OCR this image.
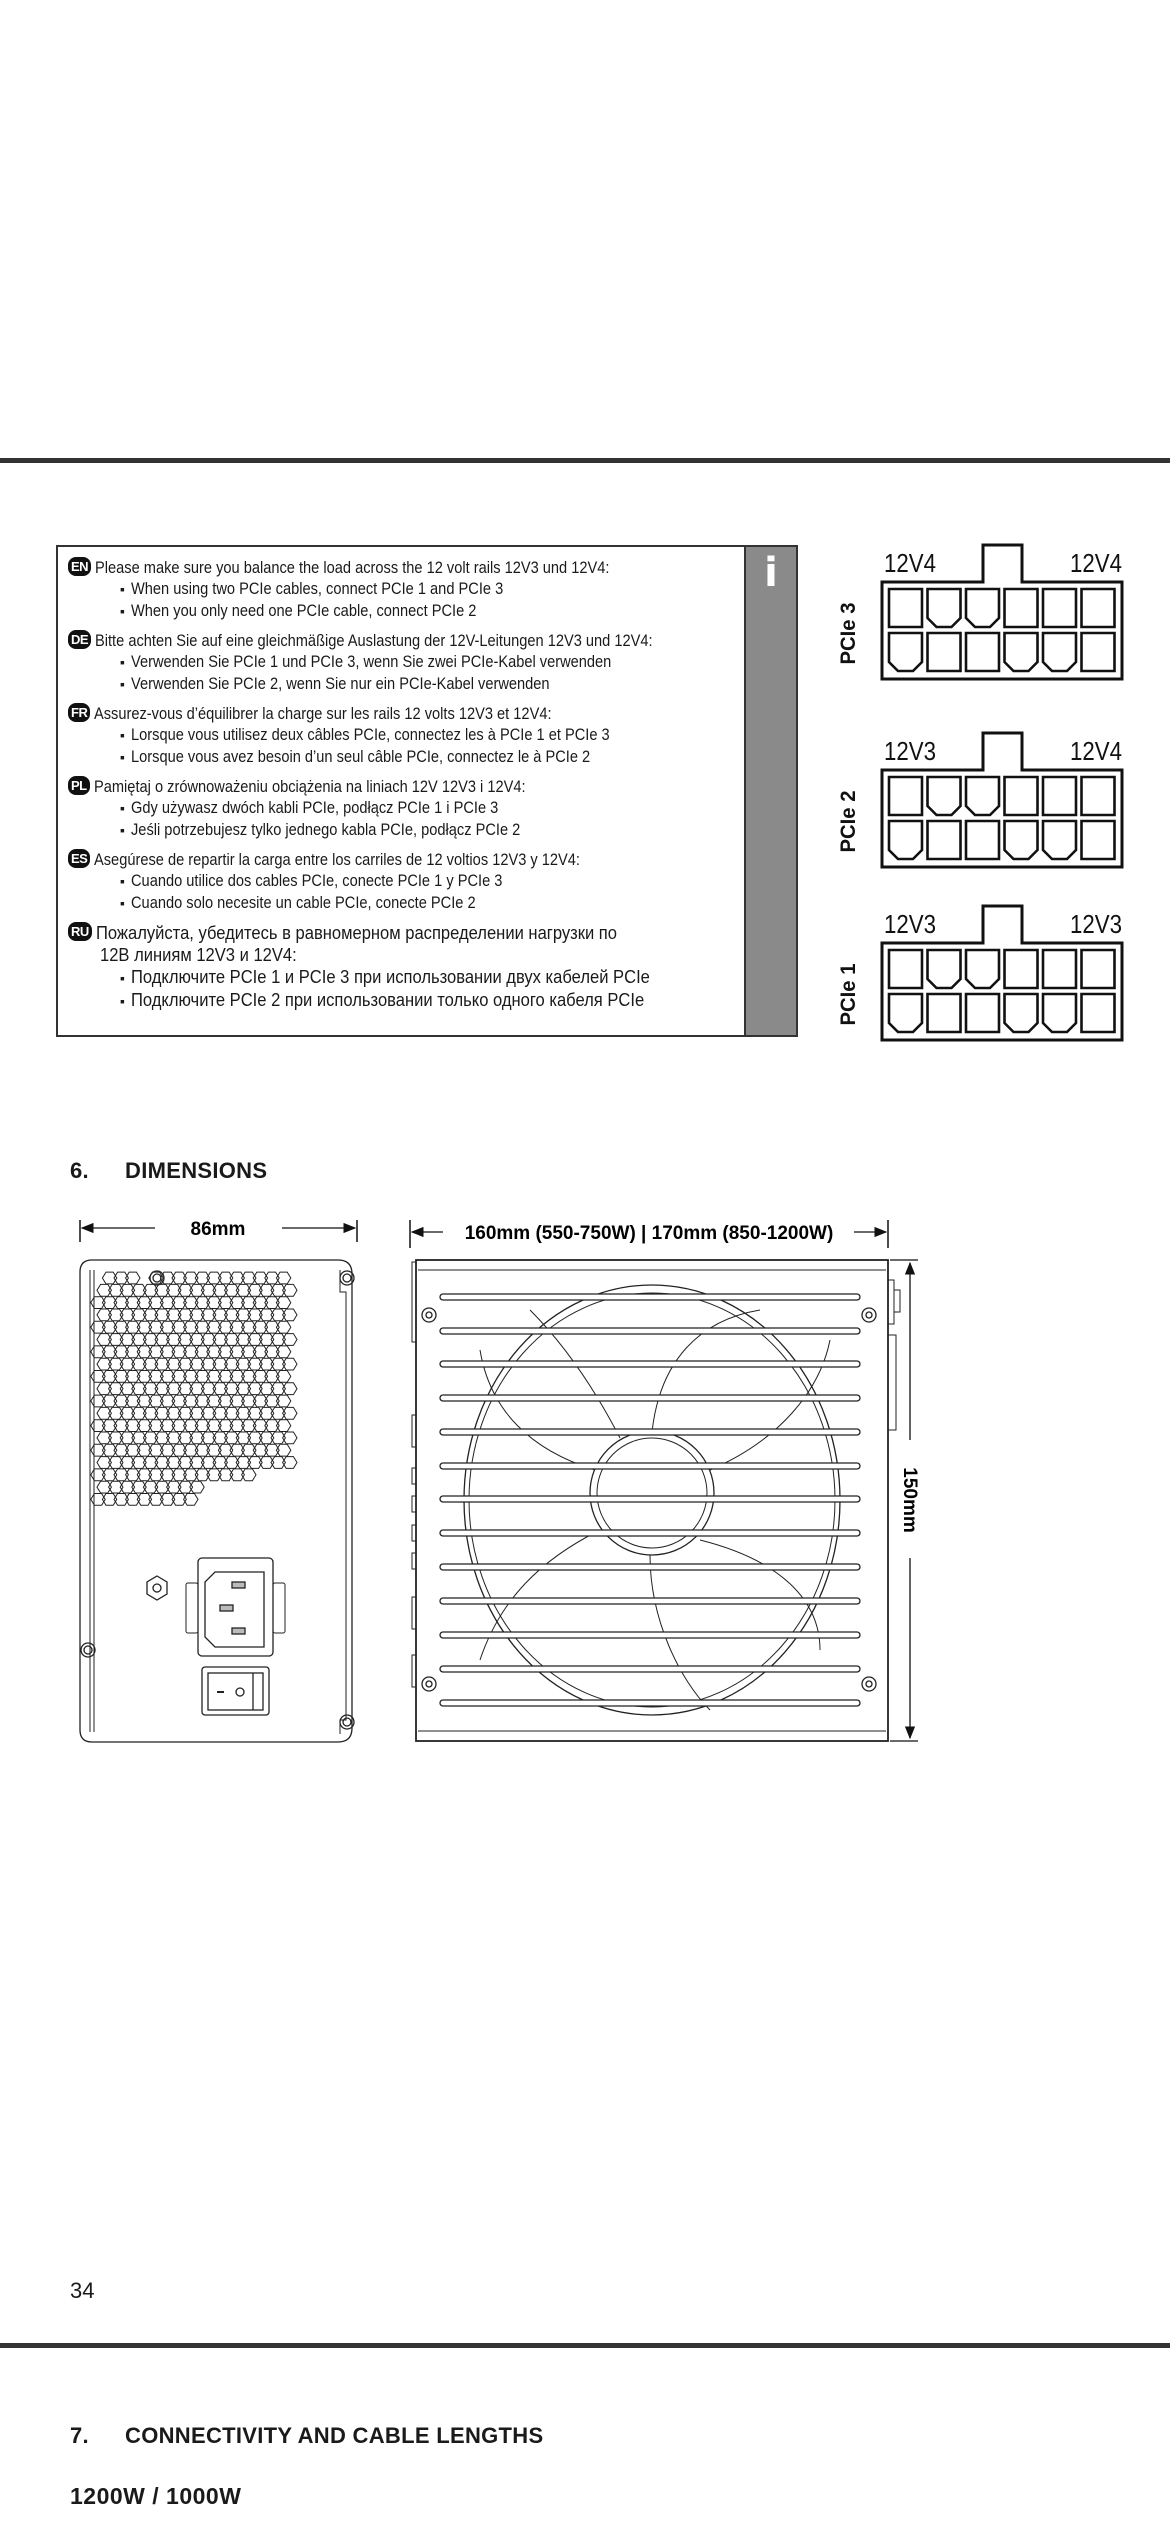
EN Please make sure you balance the load across the 12 volt rails 12V3 und 12V4:
▪ When using two PCIe cables, connect PCIe 1 and PCIe 3
▪ When you only need one PCIe cable, connect PCIe 2
DE Bitte achten Sie auf eine gleichmäßige Auslastung der 12V-Leitungen 12V3 und 12V4:
▪ Verwenden Sie PCIe 1 und PCIe 3, wenn Sie zwei PCIe-Kabel verwenden
▪ Verwenden Sie PCIe 2, wenn Sie nur ein PCIe-Kabel verwenden
FR Assurez-vous d’équilibrer la charge sur les rails 12 volts 12V3 et 12V4:
▪ Lorsque vous utilisez deux câbles PCIe, connectez les à PCIe 1 et PCIe 3
▪ Lorsque vous avez besoin d’un seul câble PCIe, connectez le à PCIe 2
PL Pamiętaj o zrównoważeniu obciążenia na liniach 12V 12V3 i 12V4:
▪ Gdy używasz dwóch kabli PCIe, podłącz PCIe 1 i PCIe 3
▪ Jeśli potrzebujesz tylko jednego kabla PCIe, podłącz PCIe 2
ES Asegúrese de repartir la carga entre los carriles de 12 voltios 12V3 y 12V4:
▪ Cuando utilice dos cables PCIe, conecte PCIe 1 y PCIe 3
▪ Cuando solo necesite un cable PCIe, conecte PCIe 2
RU Пожалуйста, убедитесь в равномерном распределении нагрузки по
12В линиям 12V3 и 12V4:
▪ Подключите PCIe 1 и PCIe 3 при использовании двух кабелей PCIe
▪ Подключите PCIe 2 при использовании только одного кабеля PCIe
i	12V4	12V4
PCIe 3
12V3	12V4
PCIe 2
12V3	12V3
PCIe 1
6. DIMENSIONS
86mm	160mm (550-750W) | 170mm (850-1200W)
150mm
34
7. CONNECTIVITY AND CABLE LENGTHS
1200W / 1000W
